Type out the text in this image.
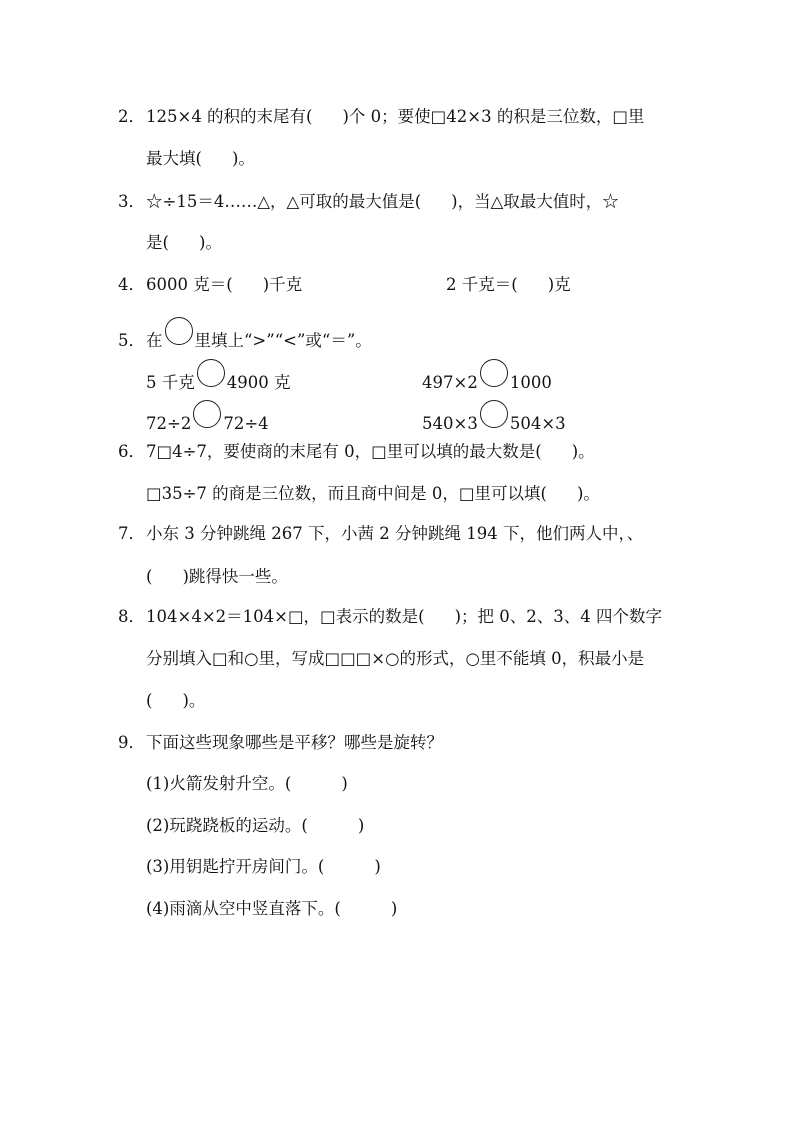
2．125×4 的积的末尾有( )个 0；要使□42×3 的积是三位数，□里
最大填( )。
3．☆÷15＝4……△，△可取的最大值是( )，当△取最大值时，☆
是( )。
4．6000 克＝( )千克	2 千克＝( )克
5．在 里填上“>”“<”或“＝”。
5 千克 4900 克	497×2 1000
72÷2 72÷4	540×3 504×3
6．7□4÷7，要使商的末尾有 0，□里可以填的最大数是( )。
□35÷7 的商是三位数，而且商中间是 0，□里可以填( )。
7．小东 3 分钟跳绳 267 下，小茜 2 分钟跳绳 194 下，他们两人中，、
( )跳得快一些。
8．104×4×2＝104×□，□表示的数是( )；把 0、2、3、4 四个数字
分别填入□和○里，写成□□□×○的形式，○里不能填 0，积最小是
( )。
9．下面这些现象哪些是平移？哪些是旋转？
(1)火箭发射升空。(	)
(2)玩跷跷板的运动。(	)
(3)用钥匙拧开房间门。(	)
(4)雨滴从空中竖直落下。(	)
